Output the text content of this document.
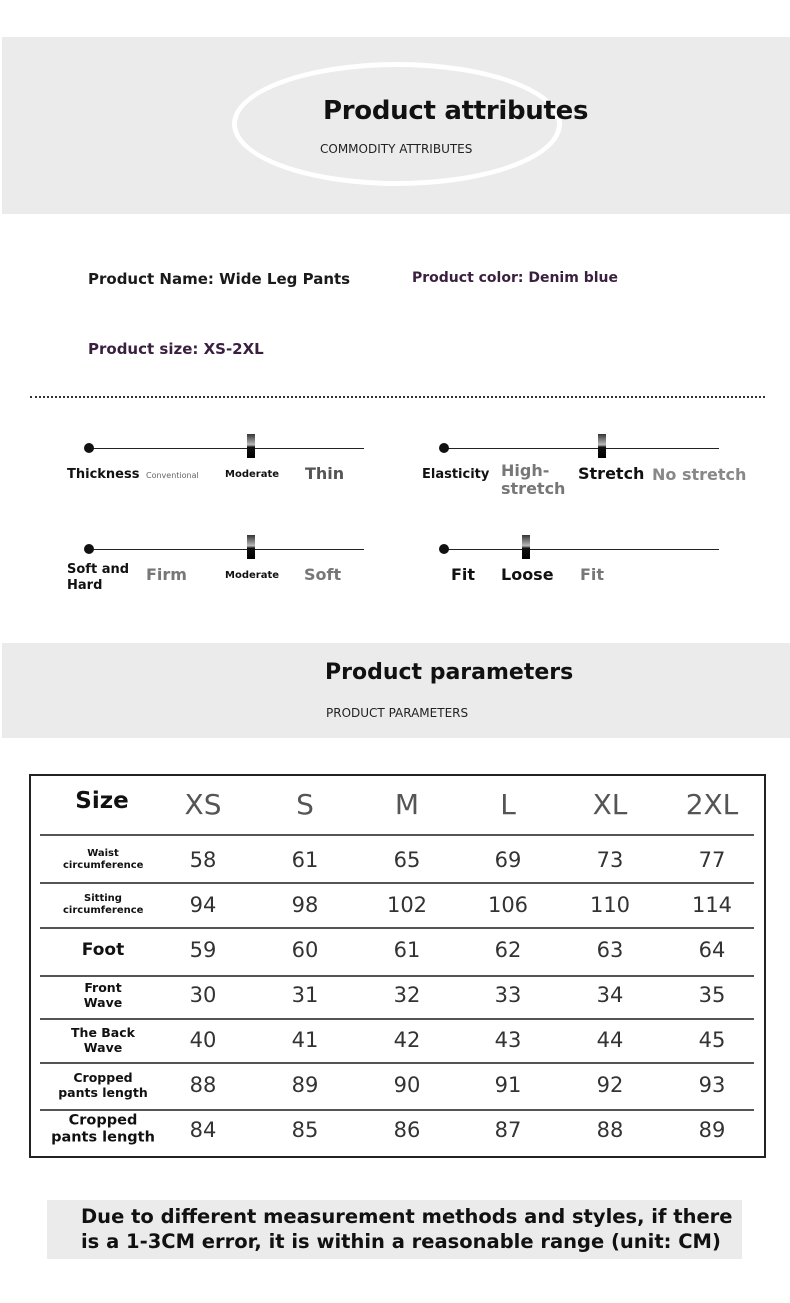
Product attributes
COMMODITY ATTRIBUTES
Product Name: Wide Leg Pants	Product color: Denim blue
Product size: XS-2XL
Thickness Conventional	Moderate Thin	Elasticity High-stretch
Stretch No stretch
Soft and Hard
Firm	Moderate Soft	Fit Loose Fit
Product parameters
PRODUCT PARAMETERS
Size	XS	S	M	L	XL	2XL
Waist circumference	58	61	65	69	73	77
Sitting circumference	94	98	102	106	110	114
Foot	59	60	61	62	63	64
Front Wave	30	31	32	33	34	35
The Back Wave	40	41	42	43	44	45
Cropped pants length	88	89	90	91	92	93
Cropped pants length	84	85	86	87	88	89
Due to different measurement methods and styles, if there is a 1-3CM error, it is within a reasonable range (unit: CM)
